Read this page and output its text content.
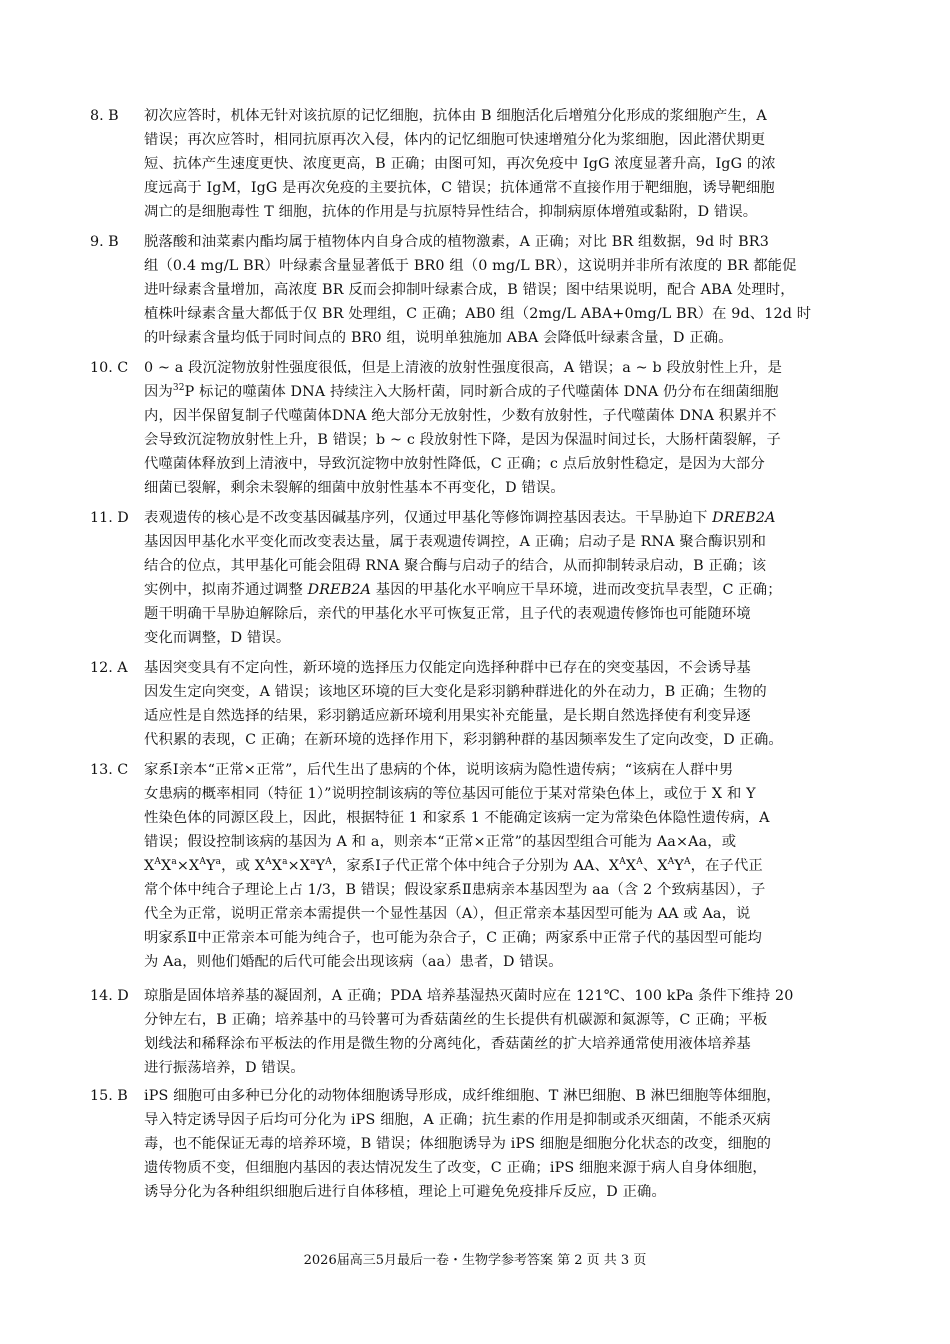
8. B 初次应答时，机体无针对该抗原的记忆细胞，抗体由 B 细胞活化后增殖分化形成的浆细胞产生，A
错误；再次应答时，相同抗原再次入侵，体内的记忆细胞可快速增殖分化为浆细胞，因此潜伏期更
短、抗体产生速度更快、浓度更高，B 正确；由图可知，再次免疫中 IgG 浓度显著升高，IgG 的浓
度远高于 IgM，IgG 是再次免疫的主要抗体，C 错误；抗体通常不直接作用于靶细胞，诱导靶细胞
凋亡的是细胞毒性 T 细胞，抗体的作用是与抗原特异性结合，抑制病原体增殖或黏附，D 错误。
9. B 脱落酸和油菜素内酯均属于植物体内自身合成的植物激素，A 正确；对比 BR 组数据，9d 时 BR3
组（0.4 mg/L BR）叶绿素含量显著低于 BR0 组（0 mg/L BR），这说明并非所有浓度的 BR 都能促
进叶绿素含量增加，高浓度 BR 反而会抑制叶绿素合成，B 错误；图中结果说明，配合 ABA 处理时，
植株叶绿素含量大都低于仅 BR 处理组，C 正确；AB0 组（2mg/L ABA+0mg/L BR）在 9d、12d 时
的叶绿素含量均低于同时间点的 BR0 组，说明单独施加 ABA 会降低叶绿素含量，D 正确。
10. C 0 ~ a 段沉淀物放射性强度很低，但是上清液的放射性强度很高，A 错误；a ~ b 段放射性上升，是
因为$^{32}$P 标记的噬菌体 DNA 持续注入大肠杆菌，同时新合成的子代噬菌体 DNA 仍分布在细菌细胞
内，因半保留复制子代噬菌体DNA 绝大部分无放射性，少数有放射性，子代噬菌体 DNA 积累并不
会导致沉淀物放射性上升，B 错误；b ~ c 段放射性下降，是因为保温时间过长，大肠杆菌裂解，子
代噬菌体释放到上清液中，导致沉淀物中放射性降低，C 正确；c 点后放射性稳定，是因为大部分
细菌已裂解，剩余未裂解的细菌中放射性基本不再变化，D 错误。
11. D 表观遗传的核心是不改变基因碱基序列，仅通过甲基化等修饰调控基因表达。干旱胁迫下 DREB2A
基因因甲基化水平变化而改变表达量，属于表观遗传调控，A 正确；启动子是 RNA 聚合酶识别和
结合的位点，其甲基化可能会阻碍 RNA 聚合酶与启动子的结合，从而抑制转录启动，B 正确；该
实例中，拟南芥通过调整 DREB2A 基因的甲基化水平响应干旱环境，进而改变抗旱表型，C 正确；
题干明确干旱胁迫解除后，亲代的甲基化水平可恢复正常，且子代的表观遗传修饰也可能随环境
变化而调整，D 错误。
12. A 基因突变具有不定向性，新环境的选择压力仅能定向选择种群中已存在的突变基因，不会诱导基
因发生定向突变，A 错误；该地区环境的巨大变化是彩羽鹟种群进化的外在动力，B 正确；生物的
适应性是自然选择的结果，彩羽鹟适应新环境利用果实补充能量，是长期自然选择使有利变异逐
代积累的表现，C 正确；在新环境的选择作用下，彩羽鹟种群的基因频率发生了定向改变，D 正确。
13. C 家系Ⅰ亲本“正常×正常”，后代生出了患病的个体，说明该病为隐性遗传病；“该病在人群中男
女患病的概率相同（特征 1）”说明控制该病的等位基因可能位于某对常染色体上，或位于 X 和 Y
性染色体的同源区段上，因此，根据特征 1 和家系 1 不能确定该病一定为常染色体隐性遗传病，A
错误；假设控制该病的基因为 A 和 a，则亲本“正常×正常”的基因型组合可能为 Aa×Aa，或
$X^AX^a\times X^AY^a$，或 $X^AX^a\times X^aY^A$，家系Ⅰ子代正常个体中纯合子分别为 AA、$X^AX^A$、$X^AY^A$，在子代正
常个体中纯合子理论上占 1/3，B 错误；假设家系Ⅱ患病亲本基因型为 aa（含 2 个致病基因），子
代全为正常，说明正常亲本需提供一个显性基因（A），但正常亲本基因型可能为 AA 或 Aa，说
明家系Ⅱ中正常亲本可能为纯合子，也可能为杂合子，C 正确；两家系中正常子代的基因型可能均
为 Aa，则他们婚配的后代可能会出现该病（aa）患者，D 错误。
14. D 琼脂是固体培养基的凝固剂，A 正确；PDA 培养基湿热灭菌时应在 121℃、100 kPa 条件下维持 20
分钟左右，B 正确；培养基中的马铃薯可为香菇菌丝的生长提供有机碳源和氮源等，C 正确；平板
划线法和稀释涂布平板法的作用是微生物的分离纯化，香菇菌丝的扩大培养通常使用液体培养基
进行振荡培养，D 错误。
15. B iPS 细胞可由多种已分化的动物体细胞诱导形成，成纤维细胞、T 淋巴细胞、B 淋巴细胞等体细胞，
导入特定诱导因子后均可分化为 iPS 细胞，A 正确；抗生素的作用是抑制或杀灭细菌，不能杀灭病
毒，也不能保证无毒的培养环境，B 错误；体细胞诱导为 iPS 细胞是细胞分化状态的改变，细胞的
遗传物质不变，但细胞内基因的表达情况发生了改变，C 正确；iPS 细胞来源于病人自身体细胞，
诱导分化为各种组织细胞后进行自体移植，理论上可避免免疫排斥反应，D 正确。
2026届高三5月最后一卷・生物学参考答案 第 2 页 共 3 页
